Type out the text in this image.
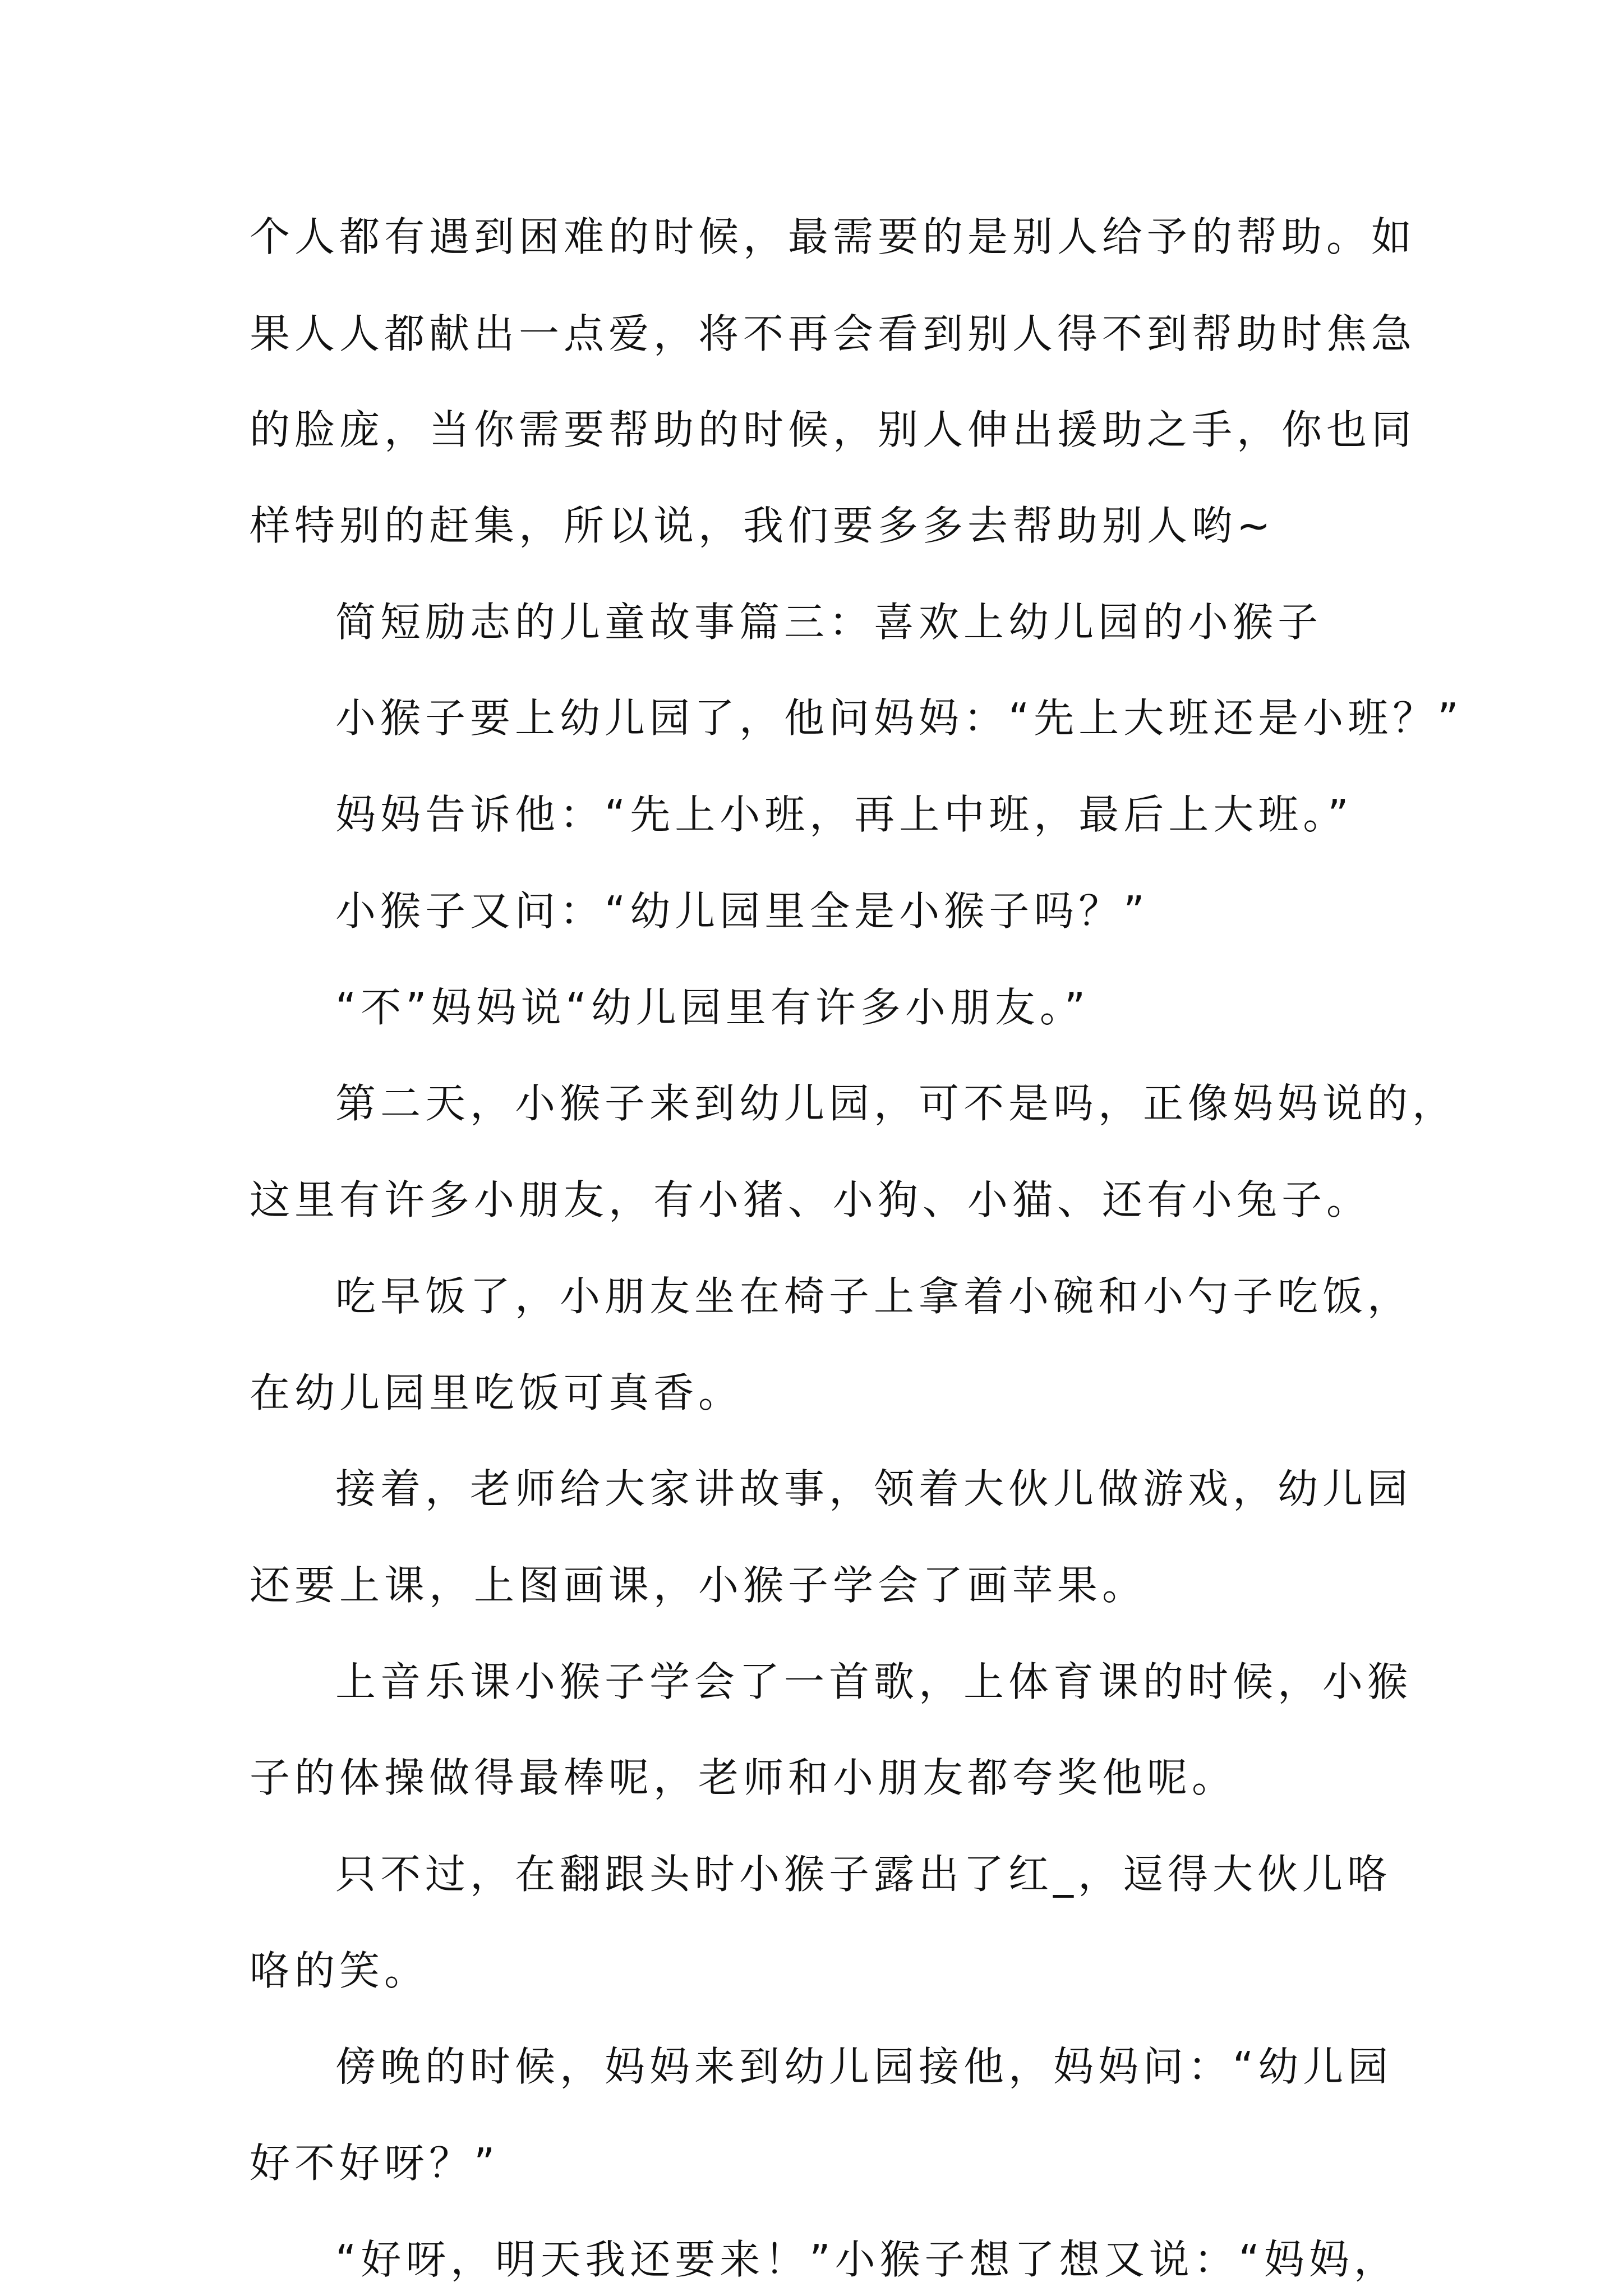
个人都有遇到困难的时候，最需要的是别人给予的帮助。如

果人人都献出一点爱，将不再会看到别人得不到帮助时焦急

的脸庞，当你需要帮助的时候，别人伸出援助之手，你也同

样特别的赶集，所以说，我们要多多去帮助别人哟~

简短励志的儿童故事篇三：喜欢上幼儿园的小猴子

小猴子要上幼儿园了，他问妈妈：“先上大班还是小班？”

妈妈告诉他：“先上小班，再上中班，最后上大班。”

小猴子又问：“幼儿园里全是小猴子吗？”

“不”妈妈说“幼儿园里有许多小朋友。”

第二天，小猴子来到幼儿园，可不是吗，正像妈妈说的，

这里有许多小朋友，有小猪、小狗、小猫、还有小兔子。

吃早饭了，小朋友坐在椅子上拿着小碗和小勺子吃饭，

在幼儿园里吃饭可真香。

接着，老师给大家讲故事，领着大伙儿做游戏，幼儿园

还要上课，上图画课，小猴子学会了画苹果。

上音乐课小猴子学会了一首歌，上体育课的时候，小猴

子的体操做得最棒呢，老师和小朋友都夸奖他呢。

只不过，在翻跟头时小猴子露出了红_，逗得大伙儿咯

咯的笑。

傍晚的时候，妈妈来到幼儿园接他，妈妈问：“幼儿园

好不好呀？”

“好呀，明天我还要来！”小猴子想了想又说：“妈妈，
